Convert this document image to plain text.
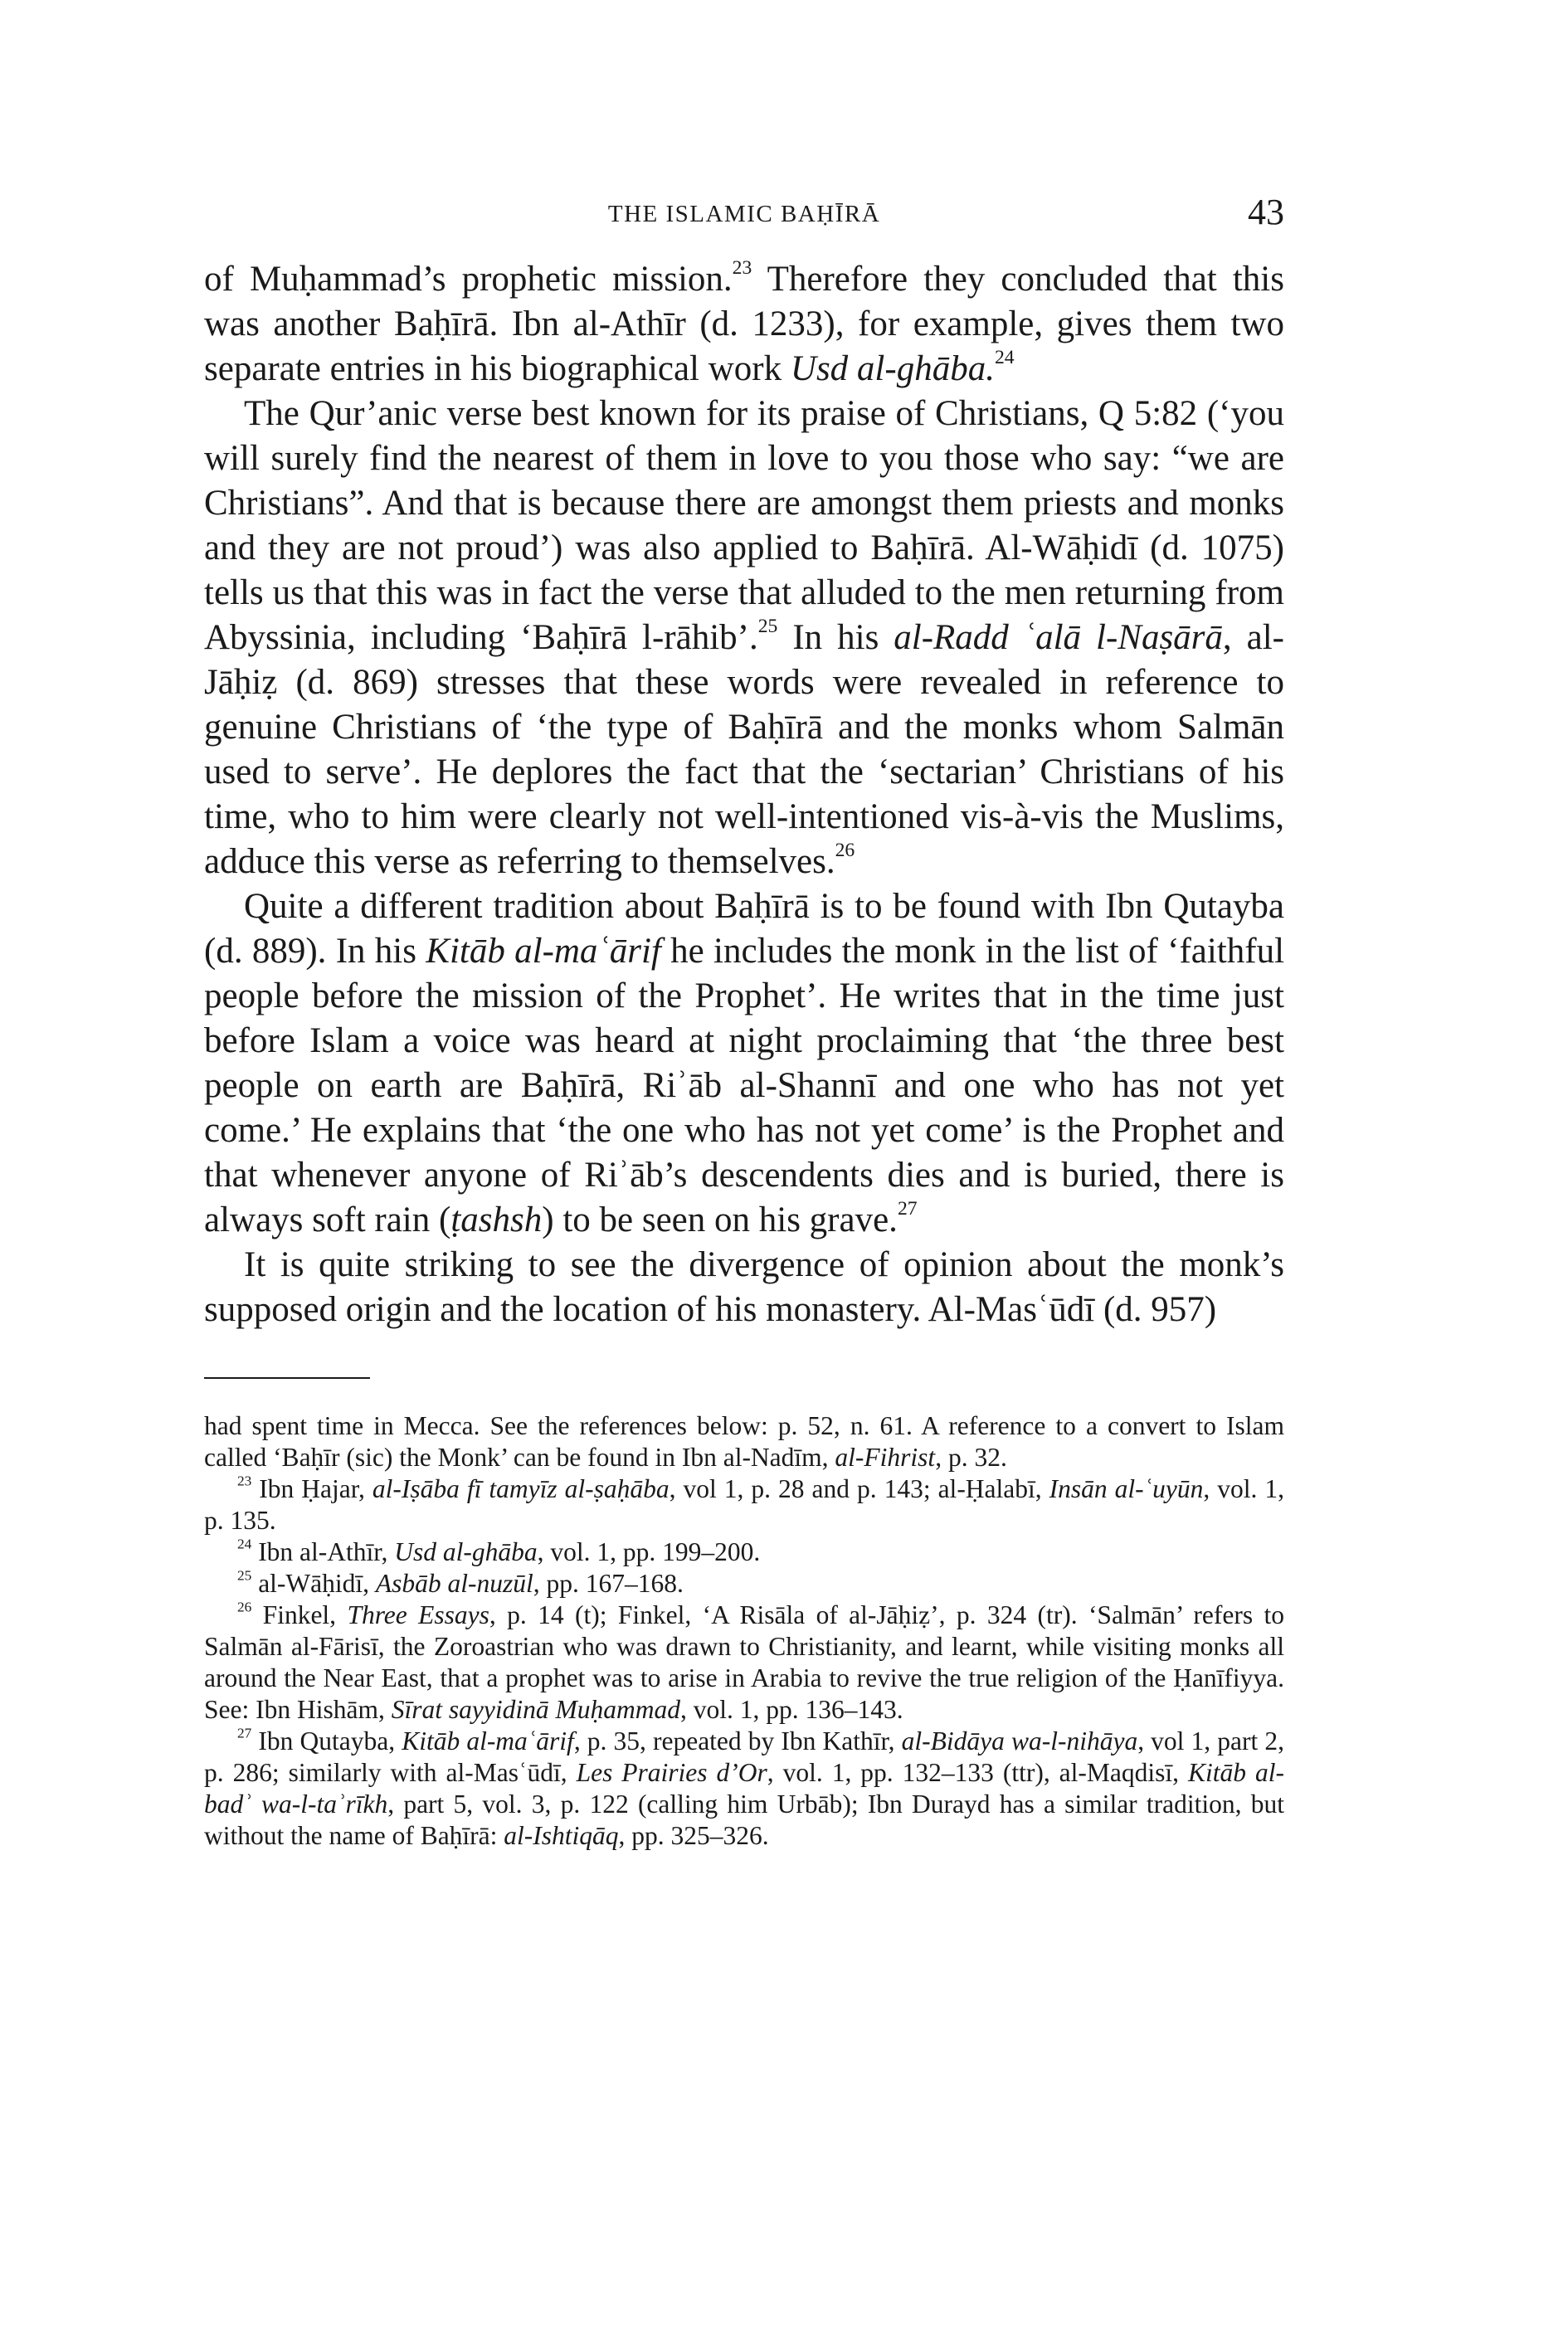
THE ISLAMIC BAḤĪRĀ	43

of Muḥammad’s prophetic mission.$^{23}$ Therefore they concluded that this was another Baḥīrā. Ibn al-Athīr (d. 1233), for example, gives them two separate entries in his biographical work Usd al-ghāba.$^{24}$

The Qur’anic verse best known for its praise of Christians, Q 5:82 (‘you will surely find the nearest of them in love to you those who say: “we are Christians”. And that is because there are amongst them priests and monks and they are not proud’) was also applied to Baḥīrā. Al-Wāḥidī (d. 1075) tells us that this was in fact the verse that alluded to the men returning from Abyssinia, including ‘Baḥīrā l-rāhib’.$^{25}$ In his al-Radd ʿalā l-Naṣārā, al-Jāḥiẓ (d. 869) stresses that these words were revealed in reference to genuine Christians of ‘the type of Baḥīrā and the monks whom Salmān used to serve’. He deplores the fact that the ‘sectarian’ Christians of his time, who to him were clearly not well-intentioned vis-à-vis the Muslims, adduce this verse as referring to themselves.$^{26}$

Quite a different tradition about Baḥīrā is to be found with Ibn Qutayba (d. 889). In his Kitāb al-maʿārif he includes the monk in the list of ‘faithful people before the mission of the Prophet’. He writes that in the time just before Islam a voice was heard at night proclaiming that ‘the three best people on earth are Baḥīrā, Riʾāb al-Shannī and one who has not yet come.’ He explains that ‘the one who has not yet come’ is the Prophet and that whenever anyone of Riʾāb’s descendents dies and is buried, there is always soft rain (ṭashsh) to be seen on his grave.$^{27}$

It is quite striking to see the divergence of opinion about the monk’s supposed origin and the location of his monastery. Al-Masʿūdī (d. 957)

had spent time in Mecca. See the references below: p. 52, n. 61. A reference to a convert to Islam called ‘Baḥīr (sic) the Monk’ can be found in Ibn al-Nadīm, al-Fihrist, p. 32.

$^{23}$ Ibn Ḥajar, al-Iṣāba fī tamyīz al-ṣaḥāba, vol 1, p. 28 and p. 143; al-Ḥalabī, Insān al-ʿuyūn, vol. 1, p. 135.

$^{24}$ Ibn al-Athīr, Usd al-ghāba, vol. 1, pp. 199–200.

$^{25}$ al-Wāḥidī, Asbāb al-nuzūl, pp. 167–168.

$^{26}$ Finkel, Three Essays, p. 14 (t); Finkel, ‘A Risāla of al-Jāḥiẓ’, p. 324 (tr). ‘Salmān’ refers to Salmān al-Fārisī, the Zoroastrian who was drawn to Christianity, and learnt, while visiting monks all around the Near East, that a prophet was to arise in Arabia to revive the true religion of the Ḥanīfiyya. See: Ibn Hishām, Sīrat sayyidinā Muḥammad, vol. 1, pp. 136–143.

$^{27}$ Ibn Qutayba, Kitāb al-maʿārif, p. 35, repeated by Ibn Kathīr, al-Bidāya wa-l-nihāya, vol 1, part 2, p. 286; similarly with al-Masʿūdī, Les Prairies d’Or, vol. 1, pp. 132–133 (ttr), al-Maqdisī, Kitāb al-badʾ wa-l-taʾrīkh, part 5, vol. 3, p. 122 (calling him Urbāb); Ibn Durayd has a similar tradition, but without the name of Baḥīrā: al-Ishtiqāq, pp. 325–326.
